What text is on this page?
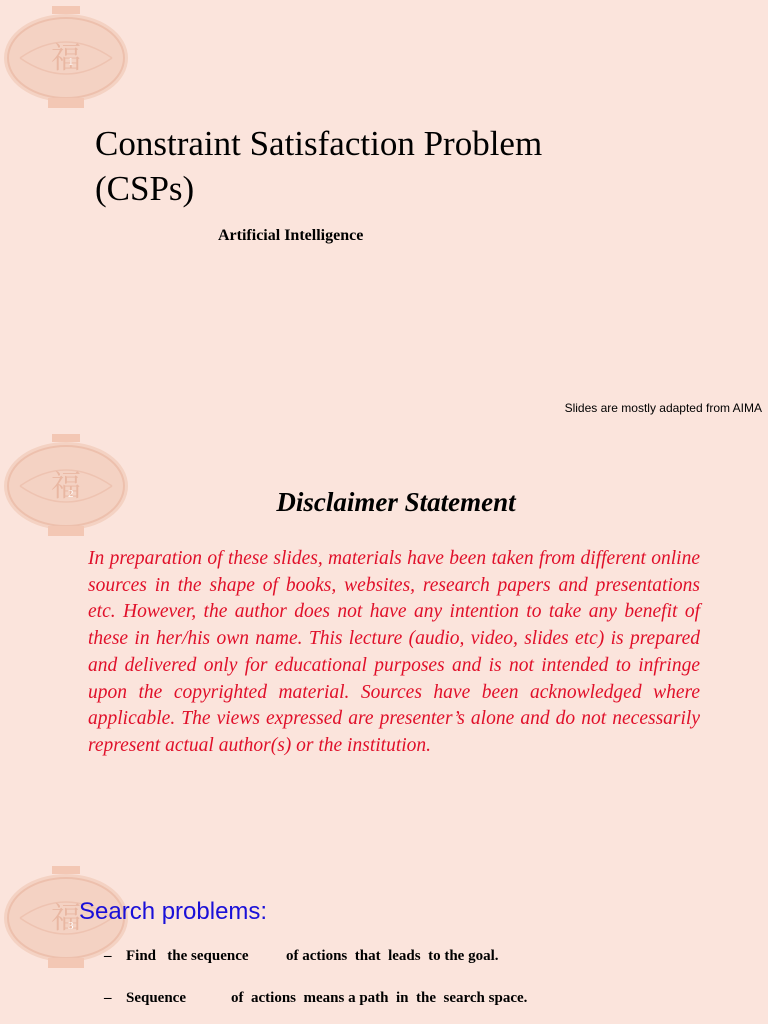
1
Constraint Satisfaction Problem
(CSPs)

Artificial Intelligence

Slides are mostly adapted from AIMA

2	Disclaimer Statement

In preparation of these slides, materials have been taken from different online sources in the shape of books, websites, research papers and presentations etc. However, the author does not have any intention to take any benefit of these in her/his own name. This lecture (audio, video, slides etc) is prepared and delivered only for educational purposes and is not intended to infringe upon the copyrighted material. Sources have been acknowledged where applicable. The views expressed are presenter’s alone and do not necessarily represent actual author(s) or the institution.

3
Search problems:

– Find   the sequence          of actions  that  leads  to the goal.

– Sequence            of  actions  means a path  in  the  search space.
